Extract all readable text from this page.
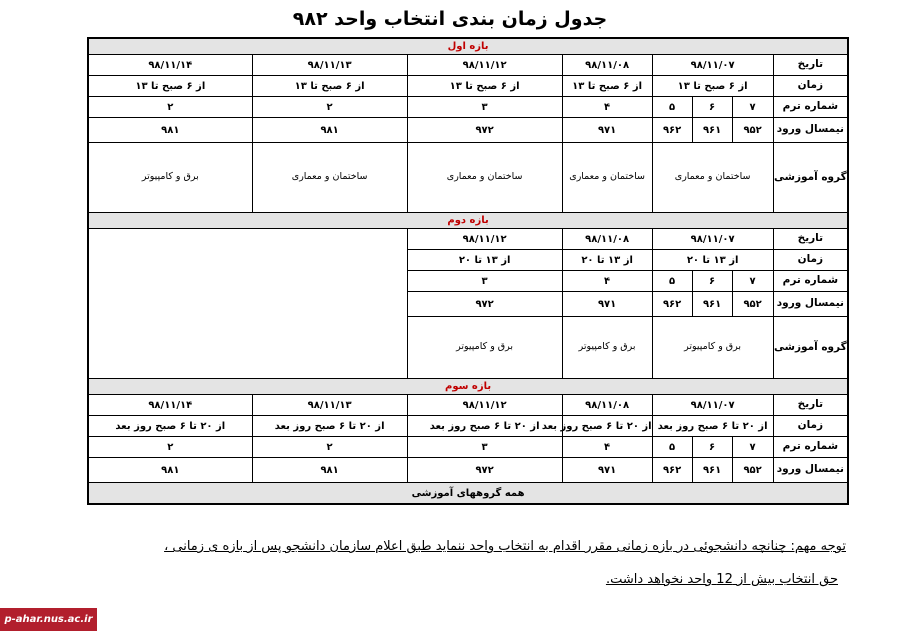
جدول زمان بندی انتخاب واحد ۹۸۲
بازه اول							
تاریخ	۹۸/۱۱/۰۷			۹۸/۱۱/۰۸	۹۸/۱۱/۱۲	۹۸/۱۱/۱۳	۹۸/۱۱/۱۴
زمان	از ۶ صبح تا ۱۳			از ۶ صبح تا ۱۳	از ۶ صبح تا ۱۳	از ۶ صبح تا ۱۳	از ۶ صبح تا ۱۳
شماره ترم	۷	۶	۵	۴	۳	۲	۲
نیمسال ورود	۹۵۲	۹۶۱	۹۶۲	۹۷۱	۹۷۲	۹۸۱	۹۸۱
گروه آموزشی	ساختمان و معماری			ساختمان و معماری	ساختمان و معماری	ساختمان و معماری	برق و کامپیوتر
بازه دوم							
تاریخ	۹۸/۱۱/۰۷			۹۸/۱۱/۰۸	۹۸/۱۱/۱۲		
زمان	از ۱۳ تا ۲۰			از ۱۳ تا ۲۰	از ۱۳ تا ۲۰		
شماره ترم	۷	۶	۵	۴	۳		
نیمسال ورود	۹۵۲	۹۶۱	۹۶۲	۹۷۱	۹۷۲		
گروه آموزشی	برق و کامپیوتر			برق و کامپیوتر	برق و کامپیوتر		
بازه سوم							
تاریخ	۹۸/۱۱/۰۷			۹۸/۱۱/۰۸	۹۸/۱۱/۱۲	۹۸/۱۱/۱۳	۹۸/۱۱/۱۴
زمان	از ۲۰ تا ۶ صبح روز بعد			از ۲۰ تا ۶ صبح روز بعد	از ۲۰ تا ۶ صبح روز بعد	از ۲۰ تا ۶ صبح روز بعد	از ۲۰ تا ۶ صبح روز بعد
شماره ترم	۷	۶	۵	۴	۳	۲	۲
نیمسال ورود	۹۵۲	۹۶۱	۹۶۲	۹۷۱	۹۷۲	۹۸۱	۹۸۱
همه گروههای آموزشی							
توجه مهم: چنانچه دانشجوئی در بازه زمانی مقرر اقدام به انتخاب واحد ننماید طبق اعلام سازمان دانشجو پس از بازه ی زمانی ،
حق انتخاب بیش از 12 واحد نخواهد داشت.
p-ahar.nus.ac.ir
